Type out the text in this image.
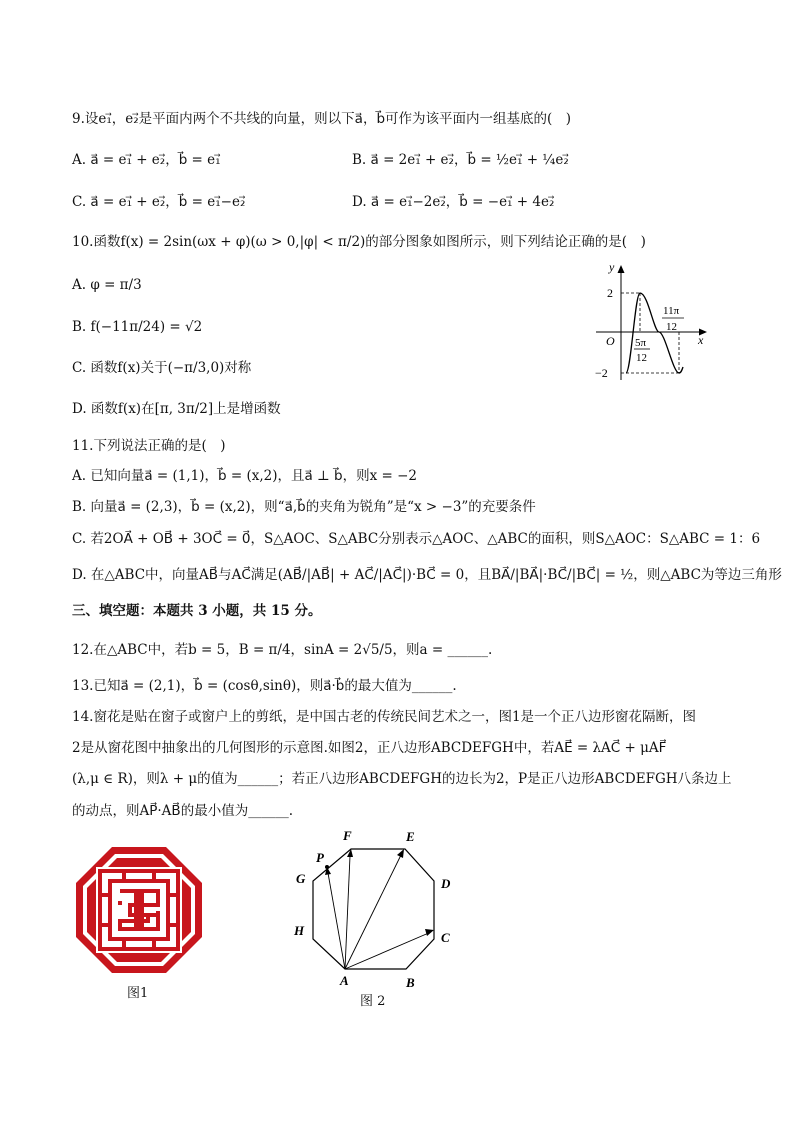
9.设e₁⃗，e₂⃗是平面内两个不共线的向量，则以下a⃗，b⃗可作为该平面内一组基底的(　)
A. a⃗ = e₁⃗ + e₂⃗，b⃗ = e₁⃗	B. a⃗ = 2e₁⃗ + e₂⃗，b⃗ = ½e₁⃗ + ¼e₂⃗
C. a⃗ = e₁⃗ + e₂⃗，b⃗ = e₁⃗−e₂⃗	D. a⃗ = e₁⃗−2e₂⃗，b⃗ = −e₁⃗ + 4e₂⃗
10.函数f(x) = 2sin(ωx + φ)(ω > 0,|φ| < π/2)的部分图象如图所示，则下列结论正确的是(　)
A. φ = π/3
B. f(−11π/24) = √2
C. 函数f(x)关于(−π/3,0)对称
D. 函数f(x)在[π, 3π/2]上是增函数
y
x
O
2
−2
5π
12
11π
12
11.下列说法正确的是(　)
A. 已知向量a⃗ = (1,1)，b⃗ = (x,2)，且a⃗ ⊥ b⃗，则x = −2
B. 向量a⃗ = (2,3)，b⃗ = (x,2)，则“a⃗,b⃗的夹角为锐角”是“x > −3”的充要条件
C. 若2OA⃗ + OB⃗ + 3OC⃗ = 0⃗，S△AOC、S△ABC分别表示△AOC、△ABC的面积，则S△AOC：S△ABC = 1：6
D. 在△ABC中，向量AB⃗与AC⃗满足(AB⃗/|AB⃗| + AC⃗/|AC⃗|)·BC⃗ = 0，且BA⃗/|BA⃗|·BC⃗/|BC⃗| = ½，则△ABC为等边三角形
三、填空题：本题共 3 小题，共 15 分。
12.在△ABC中，若b = 5，B = π/4，sinA = 2√5/5，则a = ______.
13.已知a⃗ = (2,1)，b⃗ = (cosθ,sinθ)，则a⃗·b⃗的最大值为______.
14.窗花是贴在窗子或窗户上的剪纸，是中国古老的传统民间艺术之一，图1是一个正八边形窗花隔断，图
2是从窗花图中抽象出的几何图形的示意图.如图2，正八边形ABCDEFGH中，若AE⃗ = λAC⃗ + μAF⃗
(λ,μ ∈ R)，则λ + μ的值为______；若正八边形ABCDEFGH的边长为2，P是正八边形ABCDEFGH八条边上
的动点，则AP⃗·AB⃗的最小值为______.
图1
A	B
C
D
E
F
G
H
P
图 2
